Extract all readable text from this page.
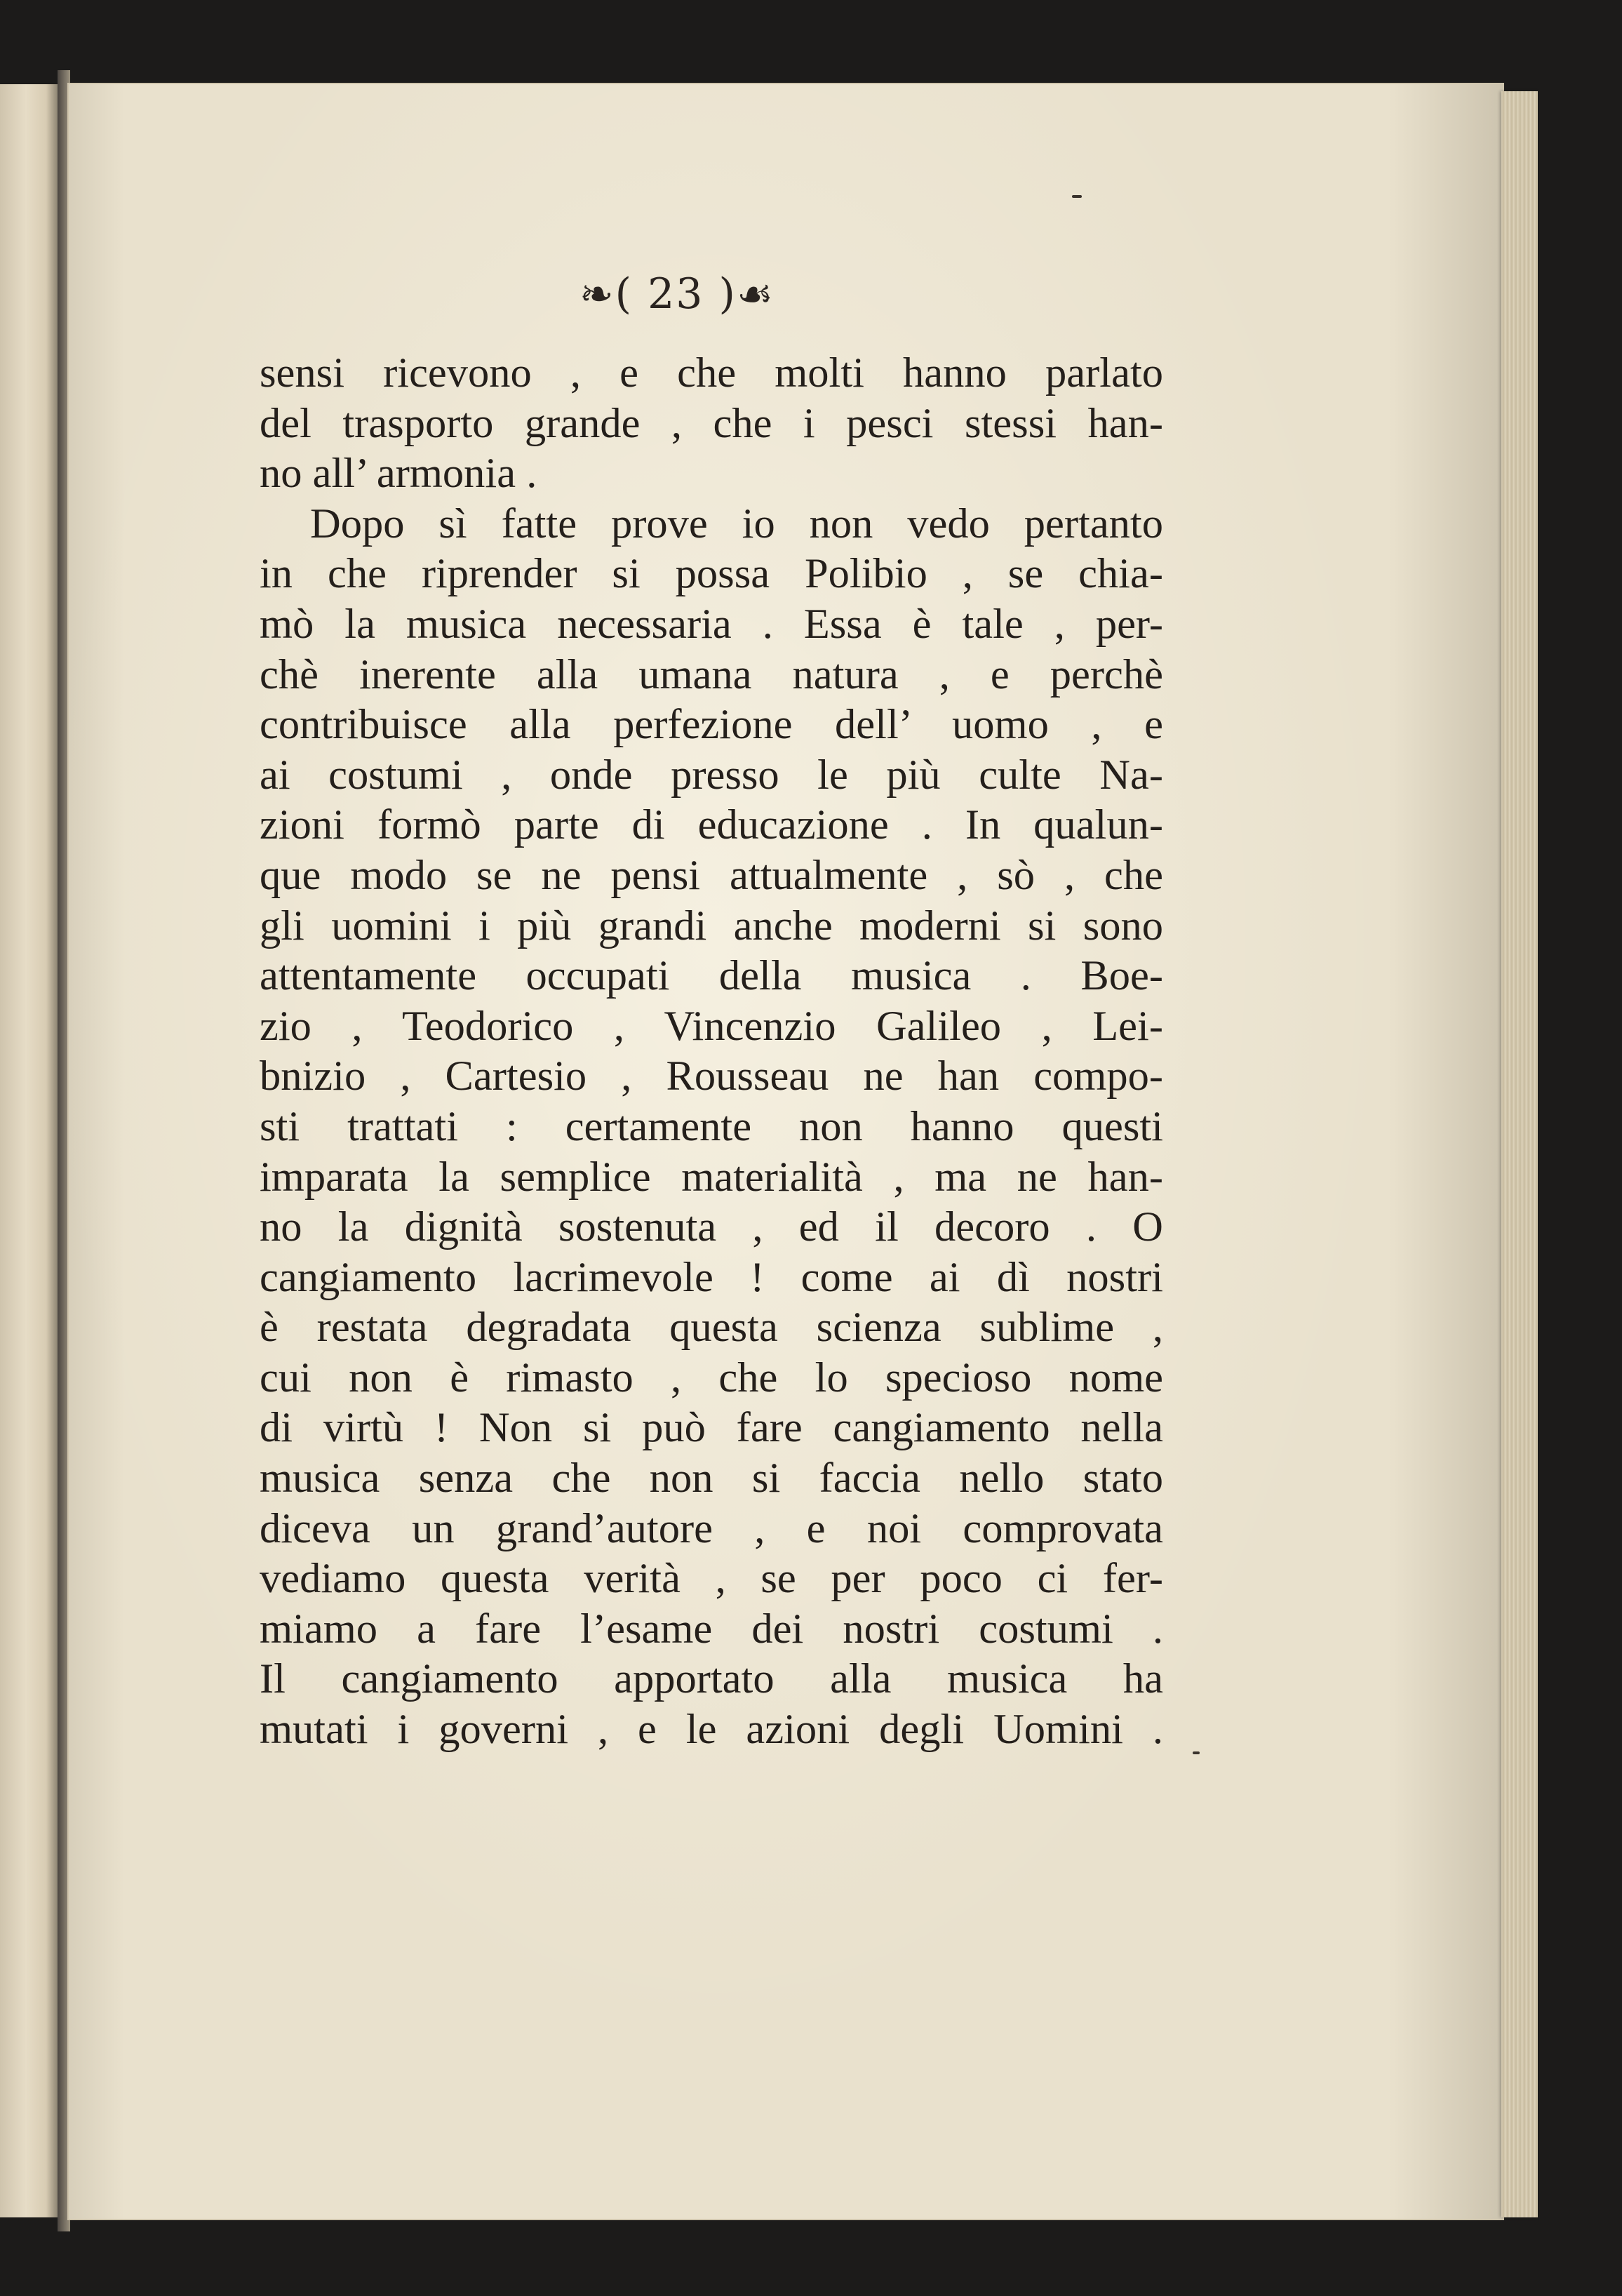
❧( 23 )☙
sensi ricevono , e che molti hanno parlato
del trasporto grande , che i pesci stessi han-
no all’ armonia .
Dopo sì fatte prove io non vedo pertanto
in che riprender si possa Polibio , se chia-
mò la musica necessaria . Essa è tale , per-
chè inerente alla umana natura , e perchè
contribuisce alla perfezione dell’ uomo , e
ai costumi , onde presso le più culte Na-
zioni formò parte di educazione . In qualun-
que modo se ne pensi attualmente , sò , che
gli uomini i più grandi anche moderni si sono
attentamente occupati della musica . Boe-
zio , Teodorico , Vincenzio Galileo , Lei-
bnizio , Cartesio , Rousseau ne han compo-
sti trattati : certamente non hanno questi
imparata la semplice materialità , ma ne han-
no la dignità sostenuta , ed il decoro . O
cangiamento lacrimevole ! come ai dì nostri
è restata degradata questa scienza sublime ,
cui non è rimasto , che lo specioso nome
di virtù ! Non si può fare cangiamento nella
musica senza che non si faccia nello stato
diceva un grand’autore , e noi comprovata
vediamo questa verità , se per poco ci fer-
miamo a fare l’esame dei nostri costumi .
Il cangiamento apportato alla musica ha
mutati i governi , e le azioni degli Uomini .
